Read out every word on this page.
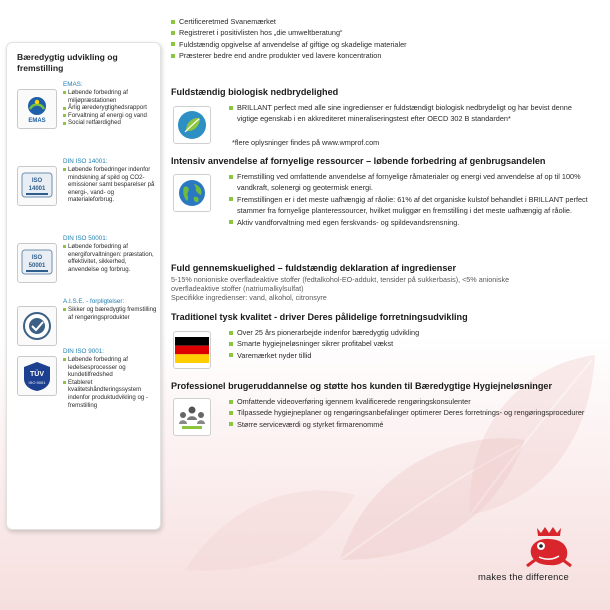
Certificeretmed Svanemærket
Registreret i positivlisten hos „die umweltberatung“
Fuldstændig opgivelse af anvendelse af giftige og skadelige materialer
Præsterer bedre end andre produkter ved lavere koncentration
Bæredygtig udvikling og fremstilling
EMAS
EMAS:
Løbende forbedring af miljøpræstationen
Årlig ærederygtighedsrapport
Forvaltning af energi og vand
Social retfærdighed
ISO
14001
DIN ISO 14001:
Løbende forbedringer indenfor mindskning af spild og CO2-emissioner samt besparelser på energi-, vand- og materialeforbrug.
ISO
50001
DIN ISO 50001:
Løbende forbedring af energiforvaltningen: præstation, effektivitet, sikkerhed, anvendelse og forbrug.
A.I.S.E. - forpligtelser:
Sikker og bæredygtig fremstilling af rengøringsprodukter
TÜV
ISO 9001
DIN ISO 9001:
Løbende forbedring af ledelsesprocesser og kundetilfredshed
Etableret kvalitetshåndteringssystem indenfor produktudvikling og -fremstilling
Fuldstændig biologisk nedbrydelighed
BRILLANT perfect med alle sine ingredienser er fuldstændigt biologisk nedbrydeligt og har bevist denne vigtige egenskab i en akkrediteret mineraliseringstest efter OECD 302 B standarden*
*flere oplysninger findes på www.wmprof.com
Intensiv anvendelse af fornyelige ressourcer – løbende forbedring af genbrugsandelen
Fremstilling ved omfattende anvendelse af fornyelige råmaterialer og energi ved anvendelse af op til 100% vandkraft, solenergi og geotermisk energi.
Fremstillingen er i det meste uafhængig af råolie: 61% af det organiske kulstof behandlet i BRILLANT perfect stammer fra fornyelige planteressourcer, hvilket muliggør en fremstilling i det meste uafhængig af råolie.
Aktiv vandforvaltning med egen ferskvands- og spildevandsrensning.
Fuld gennemskuelighed – fuldstændig deklaration af ingredienser
5-15% nonioniske overfladeaktive stoffer (fedtalkohol-EO-addukt, tensider på sukkerbasis), <5% anioniske overfladeaktive stoffer (natriumalkylsulfat)
Specifikke ingredienser: vand, alkohol, citronsyre
Traditionel tysk kvalitet - driver Deres pålidelige forretningsudvikling
Over 25 års pionerarbejde indenfor bæredygtig udvikling
Smarte hygiejneløsninger sikrer profitabel vækst
Varemærket nyder tillid
Professionel brugeruddannelse og støtte hos kunden til Bæredygtige Hygiejneløsninger
Omfattende videoverføring igennem kvalificerede rengøringskonsulenter
Tilpassede hygiejneplaner og rengøringsanbefalinger optimerer Deres forretnings- og rengøringsprocedurer
Større serviceværdi og styrket firmarenommé
makes the difference
